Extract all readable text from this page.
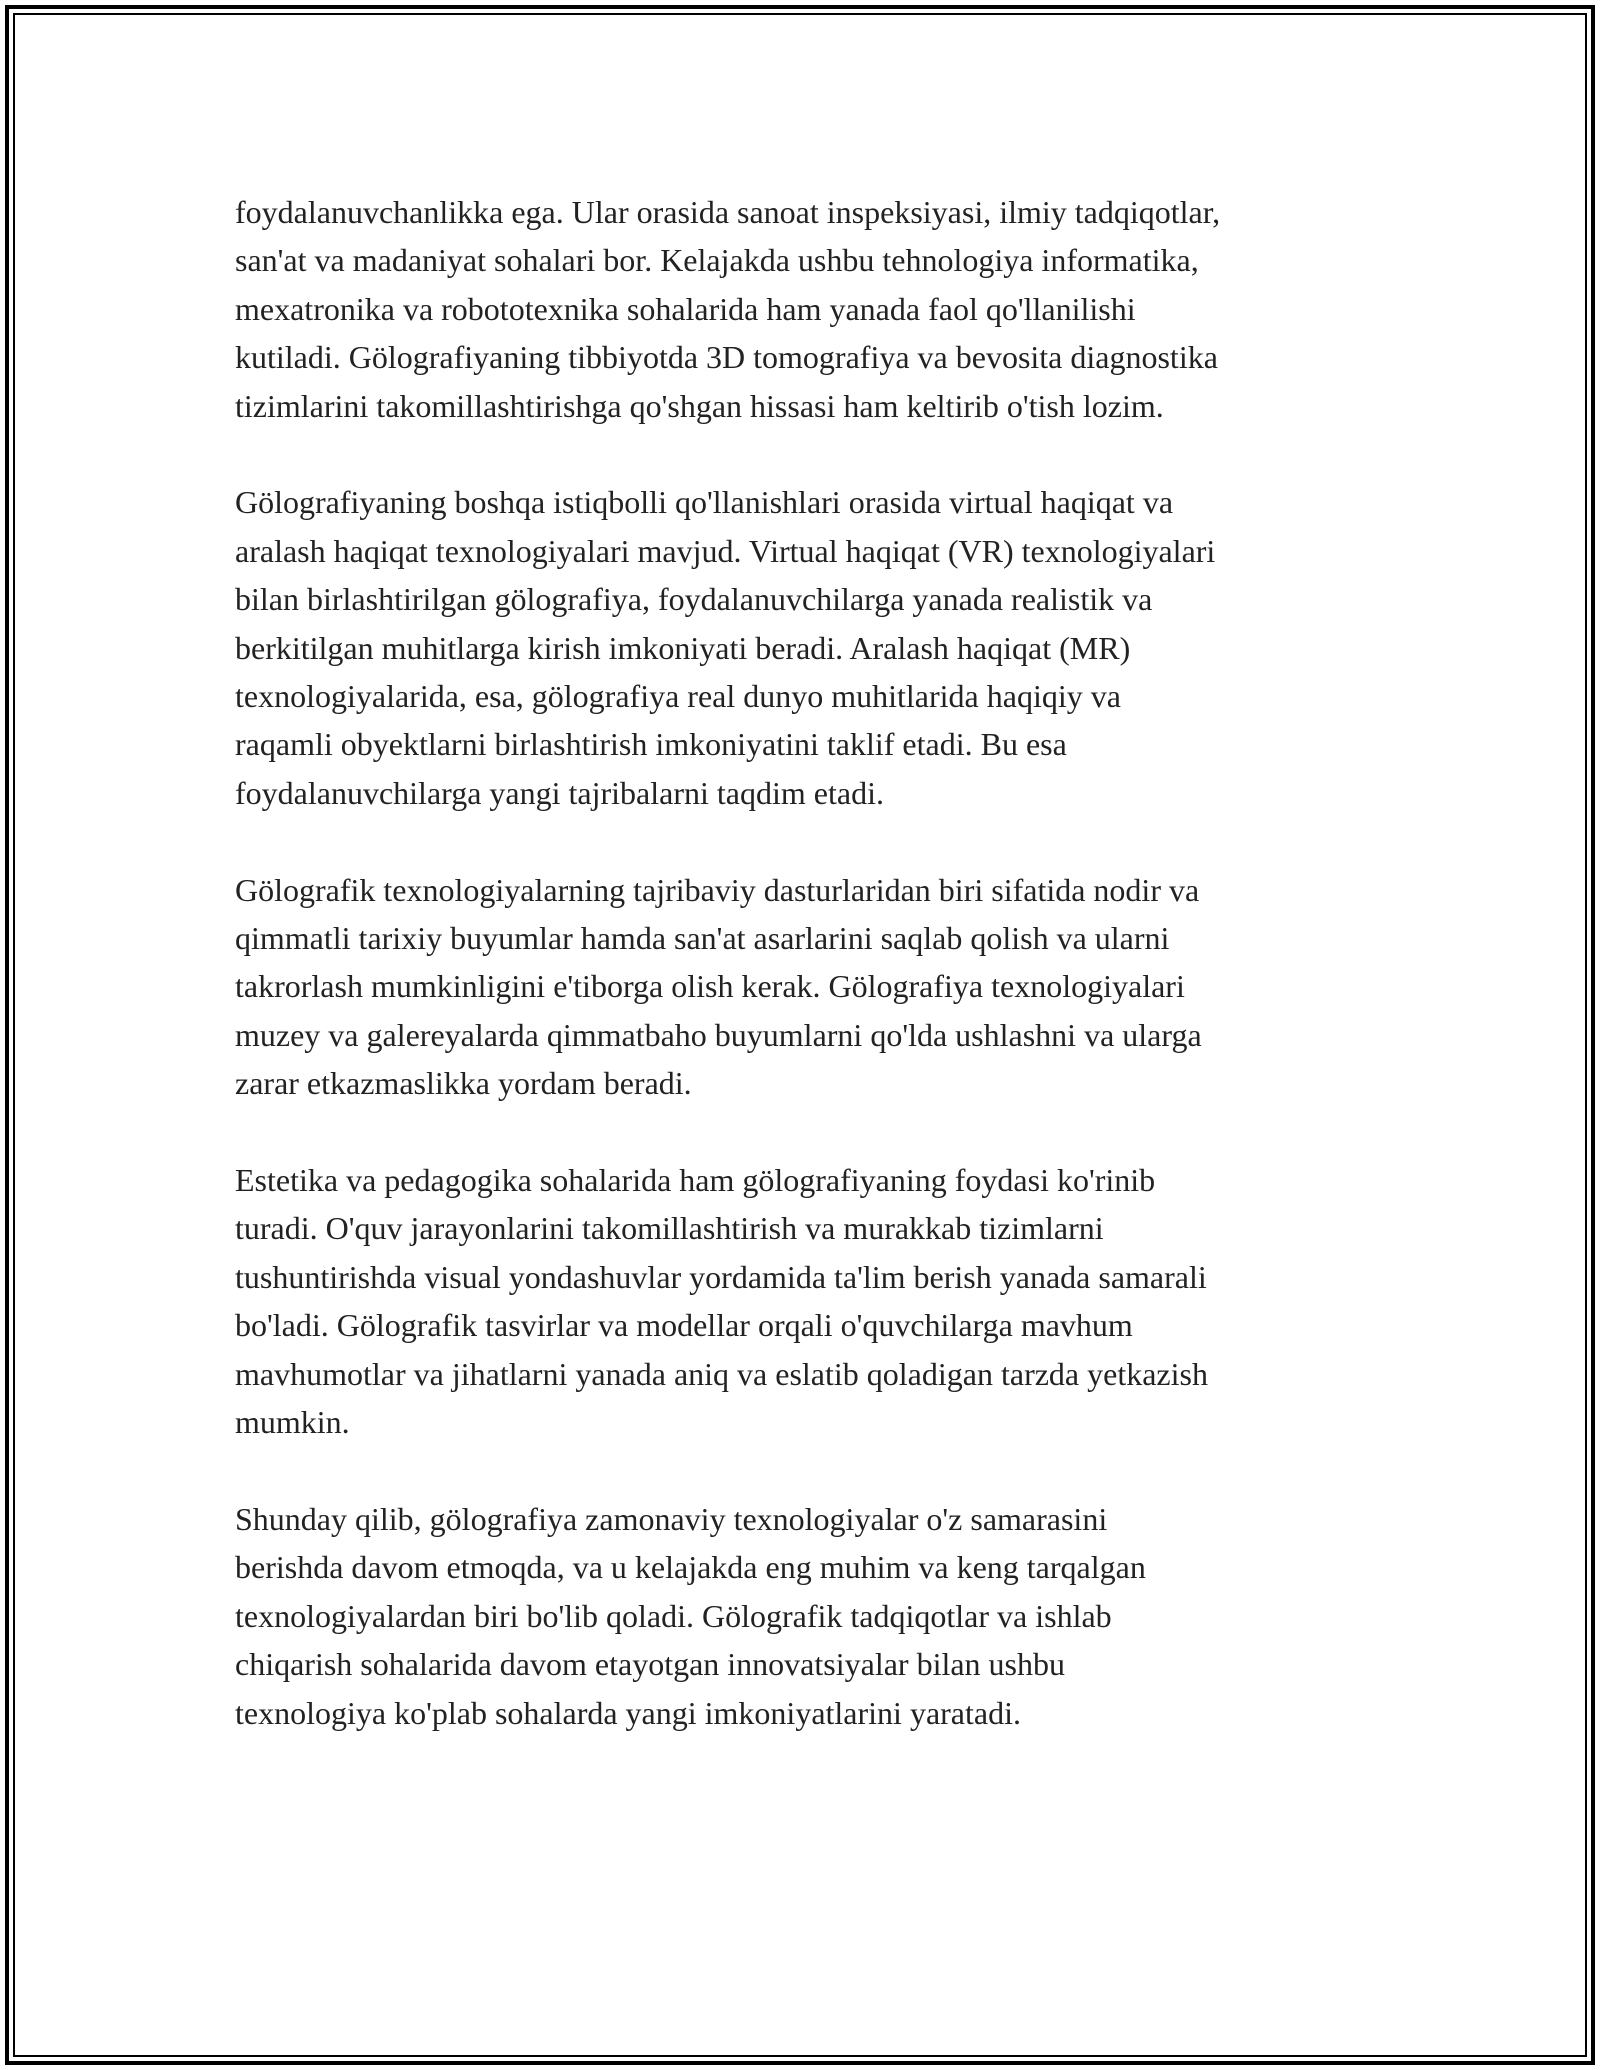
foydalanuvchanlikka ega. Ular orasida sanoat inspeksiyasi, ilmiy tadqiqotlar,
san'at va madaniyat sohalari bor. Kelajakda ushbu tehnologiya informatika,
mexatronika va robototexnika sohalarida ham yanada faol qo'llanilishi
kutiladi. Gölografiyaning tibbiyotda 3D tomografiya va bevosita diagnostika
tizimlarini takomillashtirishga qo'shgan hissasi ham keltirib o'tish lozim.

Gölografiyaning boshqa istiqbolli qo'llanishlari orasida virtual haqiqat va
aralash haqiqat texnologiyalari mavjud. Virtual haqiqat (VR) texnologiyalari
bilan birlashtirilgan gölografiya, foydalanuvchilarga yanada realistik va
berkitilgan muhitlarga kirish imkoniyati beradi. Aralash haqiqat (MR)
texnologiyalarida, esa, gölografiya real dunyo muhitlarida haqiqiy va
raqamli obyektlarni birlashtirish imkoniyatini taklif etadi. Bu esa
foydalanuvchilarga yangi tajribalarni taqdim etadi.

Gölografik texnologiyalarning tajribaviy dasturlaridan biri sifatida nodir va
qimmatli tarixiy buyumlar hamda san'at asarlarini saqlab qolish va ularni
takrorlash mumkinligini e'tiborga olish kerak. Gölografiya texnologiyalari
muzey va galereyalarda qimmatbaho buyumlarni qo'lda ushlashni va ularga
zarar etkazmaslikka yordam beradi.

Estetika va pedagogika sohalarida ham gölografiyaning foydasi ko'rinib
turadi. O'quv jarayonlarini takomillashtirish va murakkab tizimlarni
tushuntirishda visual yondashuvlar yordamida ta'lim berish yanada samarali
bo'ladi. Gölografik tasvirlar va modellar orqali o'quvchilarga mavhum
mavhumotlar va jihatlarni yanada aniq va eslatib qoladigan tarzda yetkazish
mumkin.

Shunday qilib, gölografiya zamonaviy texnologiyalar o'z samarasini
berishda davom etmoqda, va u kelajakda eng muhim va keng tarqalgan
texnologiyalardan biri bo'lib qoladi. Gölografik tadqiqotlar va ishlab
chiqarish sohalarida davom etayotgan innovatsiyalar bilan ushbu
texnologiya ko'plab sohalarda yangi imkoniyatlarini yaratadi.
